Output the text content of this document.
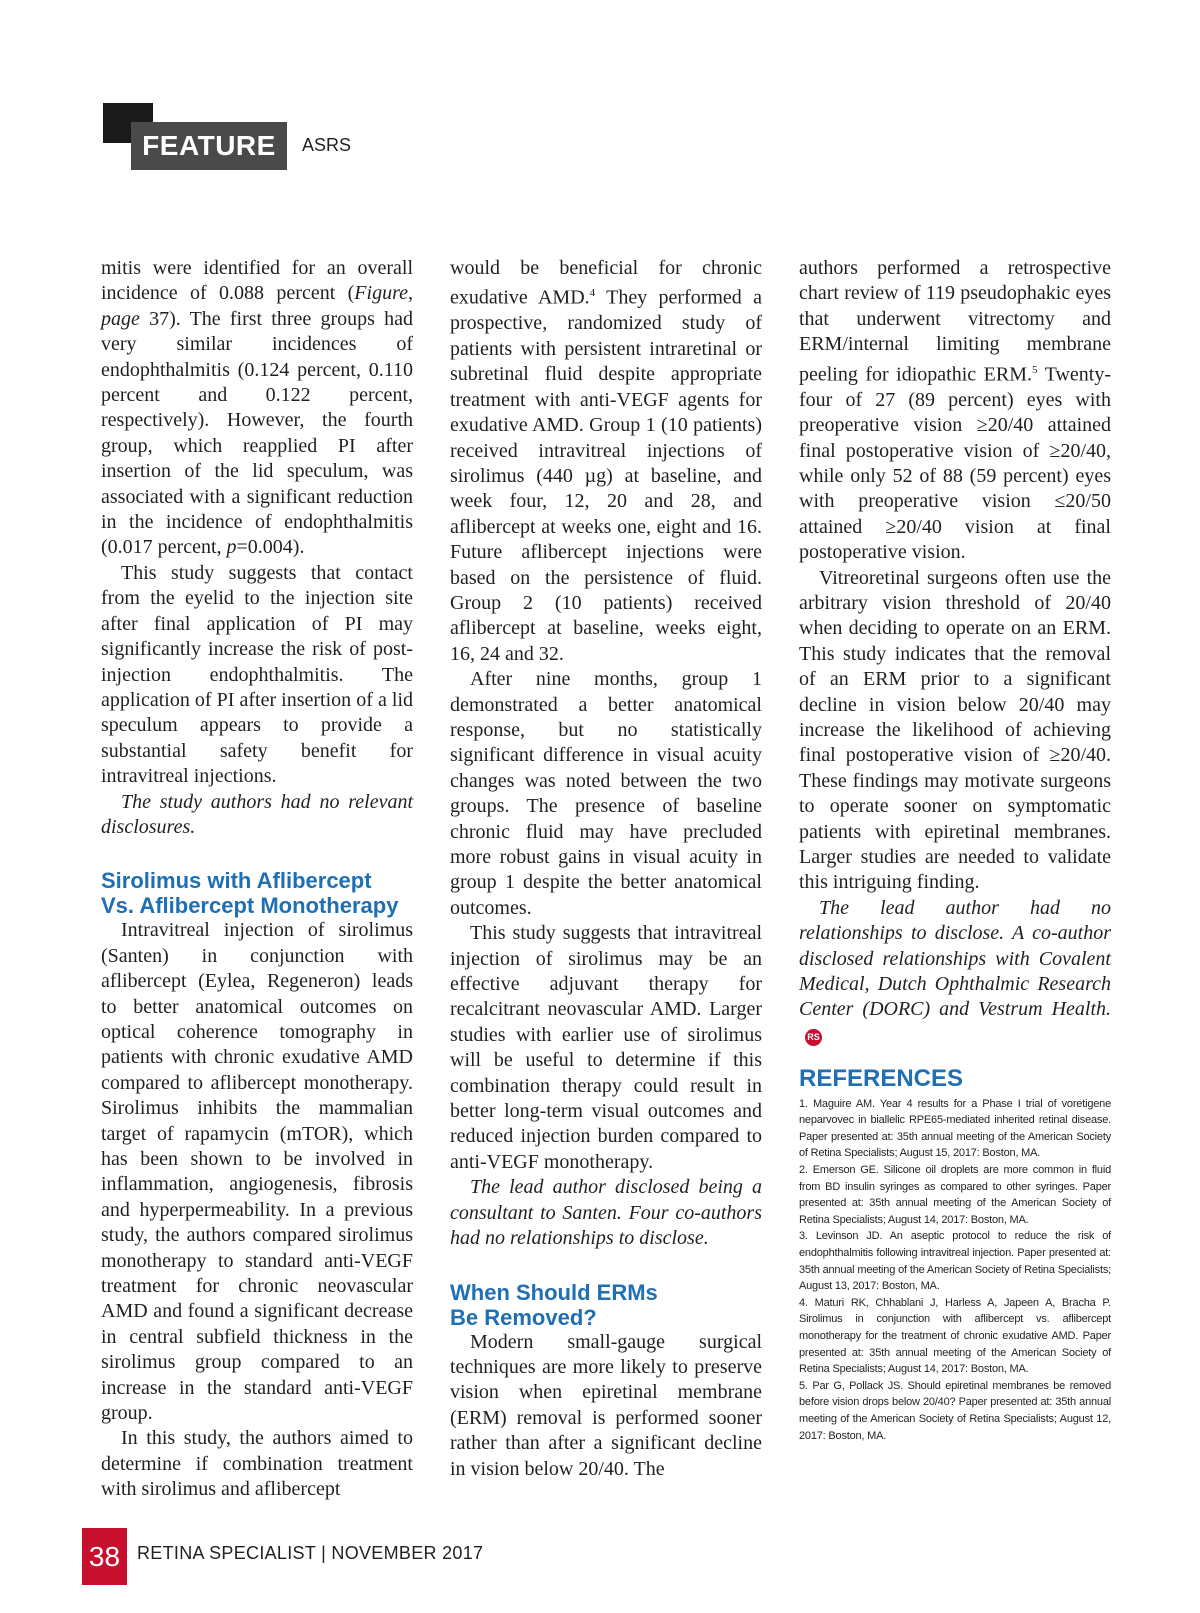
FEATURE	ASRS

mitis were identified for an overall incidence of 0.088 percent (Figure, page 37). The first three groups had very similar incidences of endophthalmitis (0.124 percent, 0.110 percent and 0.122 percent, respectively). However, the fourth group, which reapplied PI after insertion of the lid speculum, was associated with a significant reduction in the incidence of endophthalmitis (0.017 percent, p=0.004).

This study suggests that contact from the eyelid to the injection site after final application of PI may significantly increase the risk of post-injection endophthalmitis. The application of PI after insertion of a lid speculum appears to provide a substantial safety benefit for intravitreal injections.

The study authors had no relevant disclosures.

Sirolimus with Aflibercept
Vs. Aflibercept Monotherapy

Intravitreal injection of sirolimus (Santen) in conjunction with aflibercept (Eylea, Regeneron) leads to better anatomical outcomes on optical coherence tomography in patients with chronic exudative AMD compared to aflibercept monotherapy. Sirolimus inhibits the mammalian target of rapamycin (mTOR), which has been shown to be involved in inflammation, angiogenesis, fibrosis and hyperpermeability. In a previous study, the authors compared sirolimus monotherapy to standard anti-VEGF treatment for chronic neovascular AMD and found a significant decrease in central subfield thickness in the sirolimus group compared to an increase in the standard anti-VEGF group.

In this study, the authors aimed to determine if combination treatment with sirolimus and aflibercept

would be beneficial for chronic exudative AMD.$^4$ They performed a prospective, randomized study of patients with persistent intraretinal or subretinal fluid despite appropriate treatment with anti-VEGF agents for exudative AMD. Group 1 (10 patients) received intravitreal injections of sirolimus (440 µg) at baseline, and week four, 12, 20 and 28, and aflibercept at weeks one, eight and 16. Future aflibercept injections were based on the persistence of fluid. Group 2 (10 patients) received aflibercept at baseline, weeks eight, 16, 24 and 32.

After nine months, group 1 demonstrated a better anatomical response, but no statistically significant difference in visual acuity changes was noted between the two groups. The presence of baseline chronic fluid may have precluded more robust gains in visual acuity in group 1 despite the better anatomical outcomes.

This study suggests that intravitreal injection of sirolimus may be an effective adjuvant therapy for recalcitrant neovascular AMD. Larger studies with earlier use of sirolimus will be useful to determine if this combination therapy could result in better long-term visual outcomes and reduced injection burden compared to anti-VEGF monotherapy.

The lead author disclosed being a consultant to Santen. Four co-authors had no relationships to disclose.

When Should ERMs
Be Removed?

Modern small-gauge surgical techniques are more likely to preserve vision when epiretinal membrane (ERM) removal is performed sooner rather than after a significant decline in vision below 20/40. The

authors performed a retrospective chart review of 119 pseudophakic eyes that underwent vitrectomy and ERM/internal limiting membrane peeling for idiopathic ERM.$^5$ Twenty-four of 27 (89 percent) eyes with preoperative vision ≥20/40 attained final postoperative vision of ≥20/40, while only 52 of 88 (59 percent) eyes with preoperative vision ≤20/50 attained ≥20/40 vision at final postoperative vision.

Vitreoretinal surgeons often use the arbitrary vision threshold of 20/40 when deciding to operate on an ERM. This study indicates that the removal of an ERM prior to a significant decline in vision below 20/40 may increase the likelihood of achieving final postoperative vision of ≥20/40. These findings may motivate surgeons to operate sooner on symptomatic patients with epiretinal membranes. Larger studies are needed to validate this intriguing finding.

The lead author had no relationships to disclose. A co-author disclosed relationships with Covalent Medical, Dutch Ophthalmic Research Center (DORC) and Vestrum Health.RS

REFERENCES
1. Maguire AM. Year 4 results for a Phase I trial of voretigene neparvovec in biallelic RPE65-mediated inherited retinal disease. Paper presented at: 35th annual meeting of the American Society of Retina Specialists; August 15, 2017: Boston, MA.
2. Emerson GE. Silicone oil droplets are more common in fluid from BD insulin syringes as compared to other syringes. Paper presented at: 35th annual meeting of the American Society of Retina Specialists; August 14, 2017: Boston, MA.
3. Levinson JD. An aseptic protocol to reduce the risk of endophthalmitis following intravitreal injection. Paper presented at: 35th annual meeting of the American Society of Retina Specialists; August 13, 2017: Boston, MA.
4. Maturi RK, Chhablani J, Harless A, Japeen A, Bracha P. Sirolimus in conjunction with aflibercept vs. aflibercept monotherapy for the treatment of chronic exudative AMD. Paper presented at: 35th annual meeting of the American Society of Retina Specialists; August 14, 2017: Boston, MA.
5. Par G, Pollack JS. Should epiretinal membranes be removed before vision drops below 20/40? Paper presented at: 35th annual meeting of the American Society of Retina Specialists; August 12, 2017: Boston, MA.
38 RETINA SPECIALIST | NOVEMBER 2017
